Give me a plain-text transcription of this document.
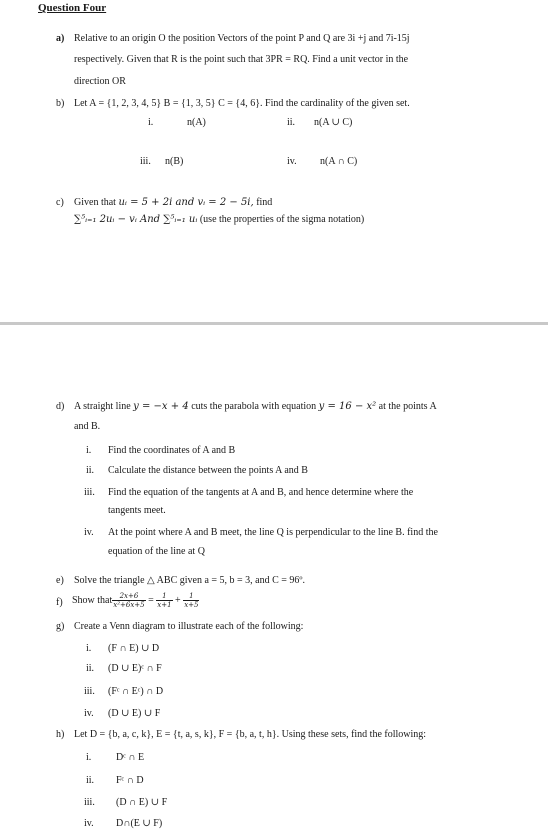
Question Four
a) Relative to an origin O the position Vectors of the point P and Q are 3i +j and 7i-15j
respectively. Given that R is the point such that 3PR = RQ. Find a unit vector in the
direction OR
b) Let A = {1, 2, 3, 4, 5} B = {1, 3, 5} C = {4, 6}. Find the cardinality of the given set.
i.	n(A)	ii. n(A ∪ C)
iii. n(B)	iv. n(A ∩ C)
c) Given that uᵢ = 5 + 2i and vᵢ = 2 − 5i, find
∑⁵ᵢ₌₁ 2uᵢ − vᵢ And ∑⁵ᵢ₌₁ uᵢ (use the properties of the sigma notation)
d) A straight line y = −x + 4 cuts the parabola with equation y = 16 − x² at the points A
and B.
i. Find the coordinates of A and B
ii. Calculate the distance between the points A and B
iii. Find the equation of the tangents at A and B, and hence determine where the
tangents meet.
iv. At the point where A and B meet, the line Q is perpendicular to the line B. find the
equation of the line at Q
e) Solve the triangle △ ABC given a = 5, b = 3, and C = 96º.
f) Show that $\frac{2x+6}{\text{x²+6x+5}} = \frac{1}{x+1} + \frac{1}{x+5}$
g) Create a Venn diagram to illustrate each of the following:
i. (F ∩ E) ∪ D
ii. (D ∪ E)ᶜ ∩ F
iii. (Fᶜ ∩ Eᶜ) ∩ D
iv. (D ∪ E) ∪ F
h) Let D = {b, a, c, k}, E = {t, a, s, k}, F = {b, a, t, h}. Using these sets, find the following:
i. Dᶜ ∩ E
ii. Fᶜ ∩ D
iii. (D ∩ E) ∪ F
iv. D∩(E ∪ F)
